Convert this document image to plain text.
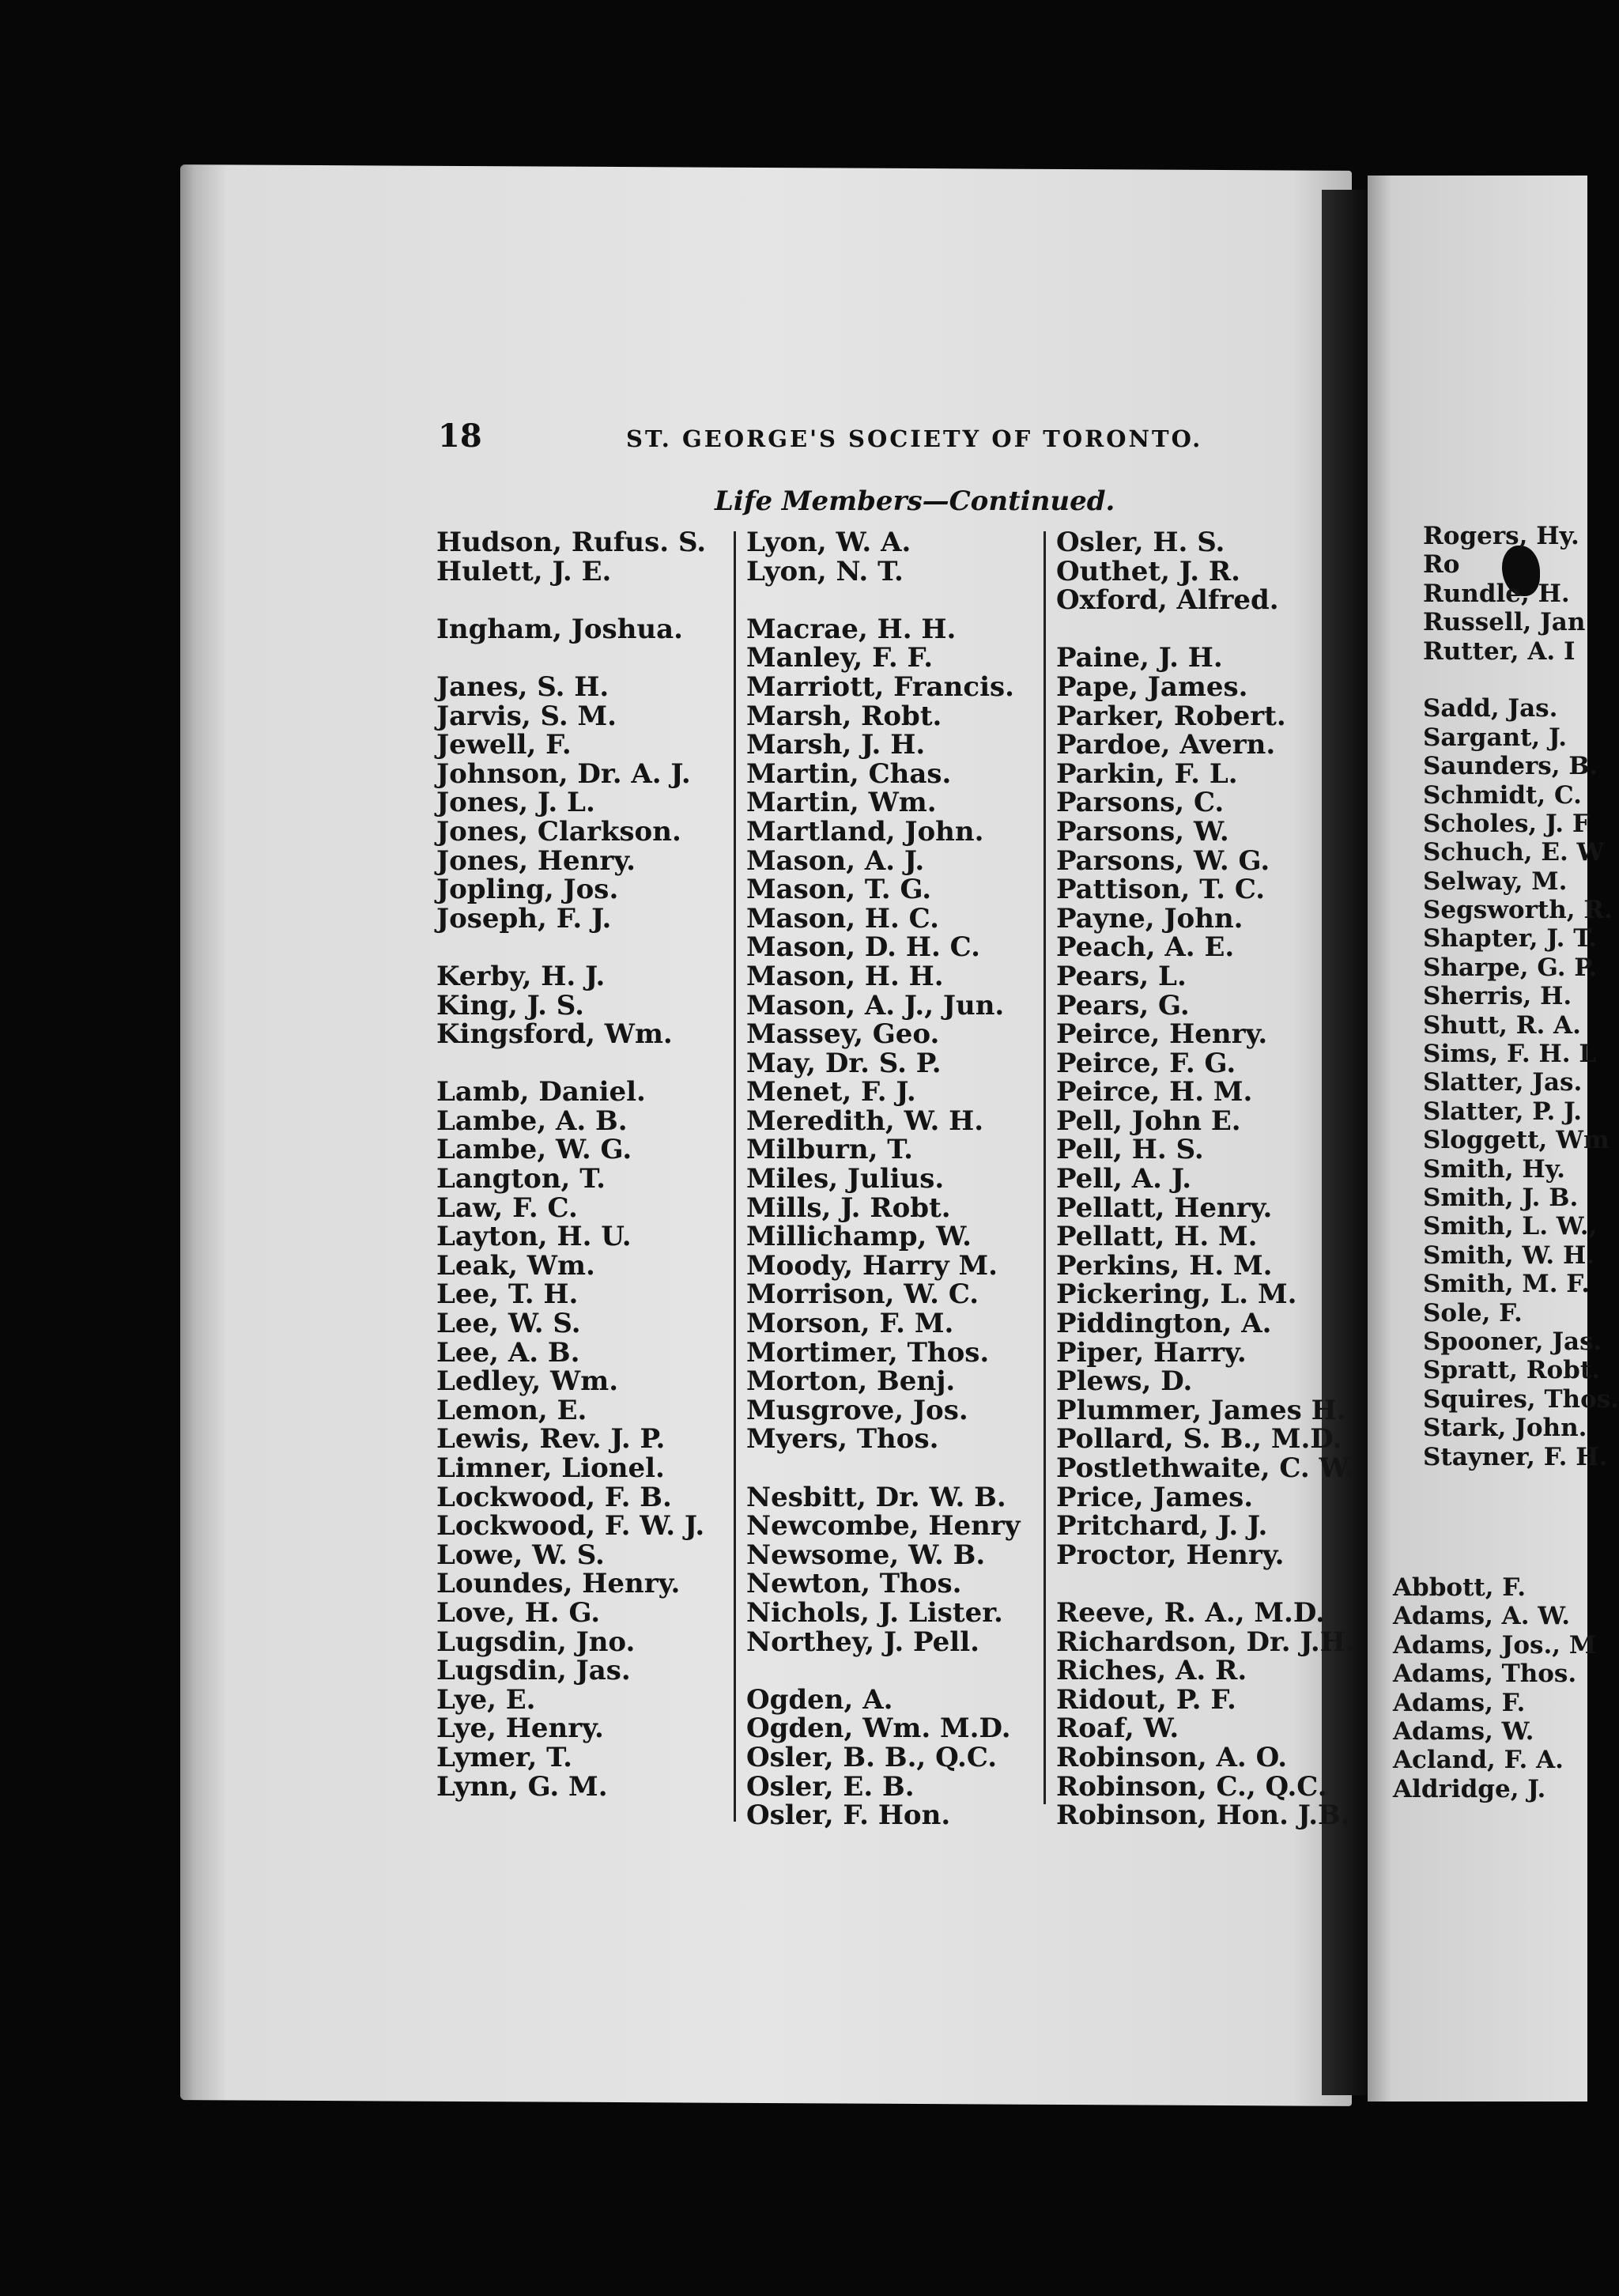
18	ST. GEORGE'S SOCIETY OF TORONTO.
Life Members—Continued.
Hudson, Rufus. S.
Hulett, J. E.
Ingham, Joshua.
Janes, S. H.
Jarvis, S. M.
Jewell, F.
Johnson, Dr. A. J.
Jones, J. L.
Jones, Clarkson.
Jones, Henry.
Jopling, Jos.
Joseph, F. J.
Kerby, H. J.
King, J. S.
Kingsford, Wm.
Lamb, Daniel.
Lambe, A. B.
Lambe, W. G.
Langton, T.
Law, F. C.
Layton, H. U.
Leak, Wm.
Lee, T. H.
Lee, W. S.
Lee, A. B.
Ledley, Wm.
Lemon, E.
Lewis, Rev. J. P.
Limner, Lionel.
Lockwood, F. B.
Lockwood, F. W. J.
Lowe, W. S.
Loundes, Henry.
Love, H. G.
Lugsdin, Jno.
Lugsdin, Jas.
Lye, E.
Lye, Henry.
Lymer, T.
Lynn, G. M.
Lyon, W. A.
Lyon, N. T.
Macrae, H. H.
Manley, F. F.
Marriott, Francis.
Marsh, Robt.
Marsh, J. H.
Martin, Chas.
Martin, Wm.
Martland, John.
Mason, A. J.
Mason, T. G.
Mason, H. C.
Mason, D. H. C.
Mason, H. H.
Mason, A. J., Jun.
Massey, Geo.
May, Dr. S. P.
Menet, F. J.
Meredith, W. H.
Milburn, T.
Miles, Julius.
Mills, J. Robt.
Millichamp, W.
Moody, Harry M.
Morrison, W. C.
Morson, F. M.
Mortimer, Thos.
Morton, Benj.
Musgrove, Jos.
Myers, Thos.
Nesbitt, Dr. W. B.
Newcombe, Henry
Newsome, W. B.
Newton, Thos.
Nichols, J. Lister.
Northey, J. Pell.
Ogden, A.
Ogden, Wm. M.D.
Osler, B. B., Q.C.
Osler, E. B.
Osler, F. Hon.
Osler, H. S.
Outhet, J. R.
Oxford, Alfred.
Paine, J. H.
Pape, James.
Parker, Robert.
Pardoe, Avern.
Parkin, F. L.
Parsons, C.
Parsons, W.
Parsons, W. G.
Pattison, T. C.
Payne, John.
Peach, A. E.
Pears, L.
Pears, G.
Peirce, Henry.
Peirce, F. G.
Peirce, H. M.
Pell, John E.
Pell, H. S.
Pell, A. J.
Pellatt, Henry.
Pellatt, H. M.
Perkins, H. M.
Pickering, L. M.
Piddington, A.
Piper, Harry.
Plews, D.
Plummer, James H.
Pollard, S. B., M.D.
Postlethwaite, C. W.
Price, James.
Pritchard, J. J.
Proctor, Henry.
Reeve, R. A., M.D.
Richardson, Dr. J.H.
Riches, A. R.
Ridout, P. F.
Roaf, W.
Robinson, A. O.
Robinson, C., Q.C.
Robinson, Hon. J.B.
Rogers, Hy.
Ro
Rundle, H.
Russell, Jan
Rutter, A. I
Sadd, Jas.
Sargant, J.
Saunders, B.
Schmidt, C.
Scholes, J. F
Schuch, E. W
Selway, M.
Segsworth, R.
Shapter, J. T.
Sharpe, G. P.
Sherris, H.
Shutt, R. A.
Sims, F. H. L
Slatter, Jas.
Slatter, P. J.
Sloggett, Wm
Smith, Hy.
Smith, J. B.
Smith, L. W.,
Smith, W. H.
Smith, M. F.
Sole, F.
Spooner, Jas.
Spratt, Robt.
Squires, Thos.
Stark, John.
Stayner, F. H.
Abbott, F.
Adams, A. W.
Adams, Jos., M
Adams, Thos.
Adams, F.
Adams, W.
Acland, F. A.
Aldridge, J.
